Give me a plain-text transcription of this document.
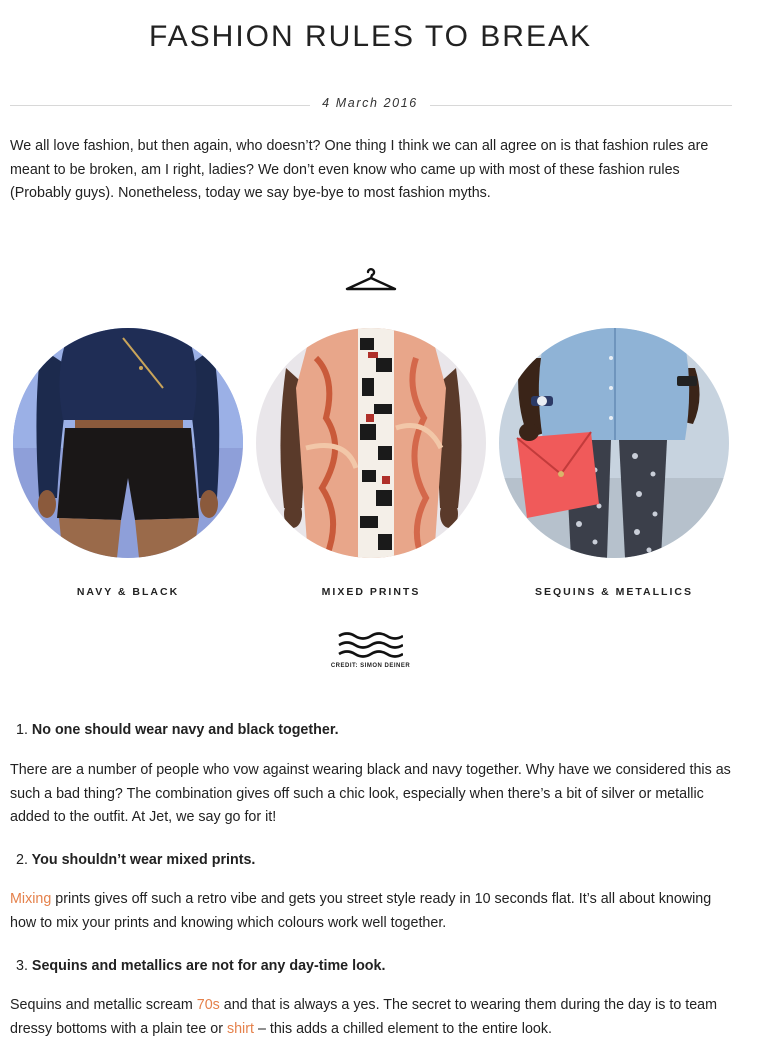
FASHION RULES TO BREAK
4 March 2016

We all love fashion, but then again, who doesn’t? One thing I think we can all agree on is that fashion rules are meant to be broken, am I right, ladies? We don’t even know who came up with most of these fashion rules (Probably guys). Nonetheless, today we say bye-bye to most fashion myths.

NAVY & BLACK	MIXED PRINTS	SEQUINS & METALLICS
CREDIT: SIMON DEINER

1. No one should wear navy and black together.

There are a number of people who vow against wearing black and navy together. Why have we considered this as such a bad thing? The combination gives off such a chic look, especially when there’s a bit of silver or metallic added to the outfit. At Jet, we say go for it!

2. You shouldn’t wear mixed prints.

Mixing prints gives off such a retro vibe and gets you street style ready in 10 seconds flat. It’s all about knowing how to mix your prints and knowing which colours work well together.

3. Sequins and metallics are not for any day-time look.

Sequins and metallic scream 70s and that is always a yes. The secret to wearing them during the day is to team dressy bottoms with a plain tee or shirt – this adds a chilled element to the entire look.
